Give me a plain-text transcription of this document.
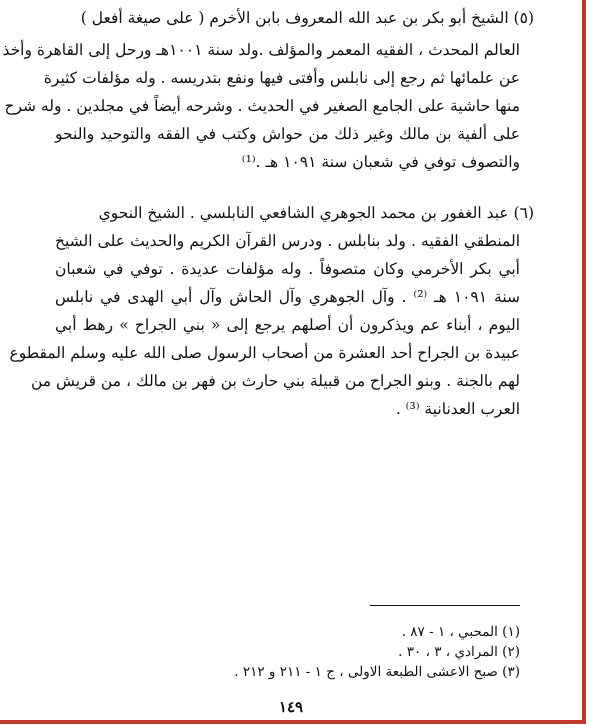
(٥) الشيخ أبو بكر بن عبد الله المعروف بابن الأخرم ( على صيغة أفعل )
العالم المحدث ، الفقيه المعمر والمؤلف .ولد سنة ١٠٠١هـ ورحل إلى القاهرة وأخذ
عن علمائها ثم رجع إلى نابلس وأفتى فيها ونفع بتدريسه . وله مؤلفات كثيرة
منها حاشية على الجامع الصغير في الحديث . وشرحه أيضاً في مجلدين . وله شرح
على ألفية بن مالك وغير ذلك من حواش وكتب في الفقه والتوحيد والنحو
والتصوف توفي في شعبان سنة ١٠٩١ هـ .⁽¹⁾
(٦) عبد الغفور بن محمد الجوهري الشافعي النابلسي . الشيخ النحوي
المنطقي الفقيه . ولد بنابلس . ودرس القرآن الكريم والحديث على الشيخ
أبي بكر الأخرمي وكان متصوفاً . وله مؤلفات عديدة . توفي في شعبان
سنة ١٠٩١ هـ ⁽²⁾ . وآل الجوهري وآل الحاش وآل أبي الهدى في نابلس
اليوم ، أبناء عم ويذكرون أن أصلهم يرجع إلى « بني الجراح » رهط أبي
عبيدة بن الجراح أحد العشرة من أصحاب الرسول صلى الله عليه وسلم المقطوع
لهم بالجنة . وبنو الجراح من قبيلة بني حارث بن فهر بن مالك ، من قريش من
العرب العدنانية ⁽³⁾ .
(١) المحبي ، ١ - ٨٧ .
(٢) المرادي ، ٣ ، ٣٠ .
(٣) صبح الاعشى الطبعة الاولى ، ج ١ - ٢١١ و ٢١٢ .
١٤٩
